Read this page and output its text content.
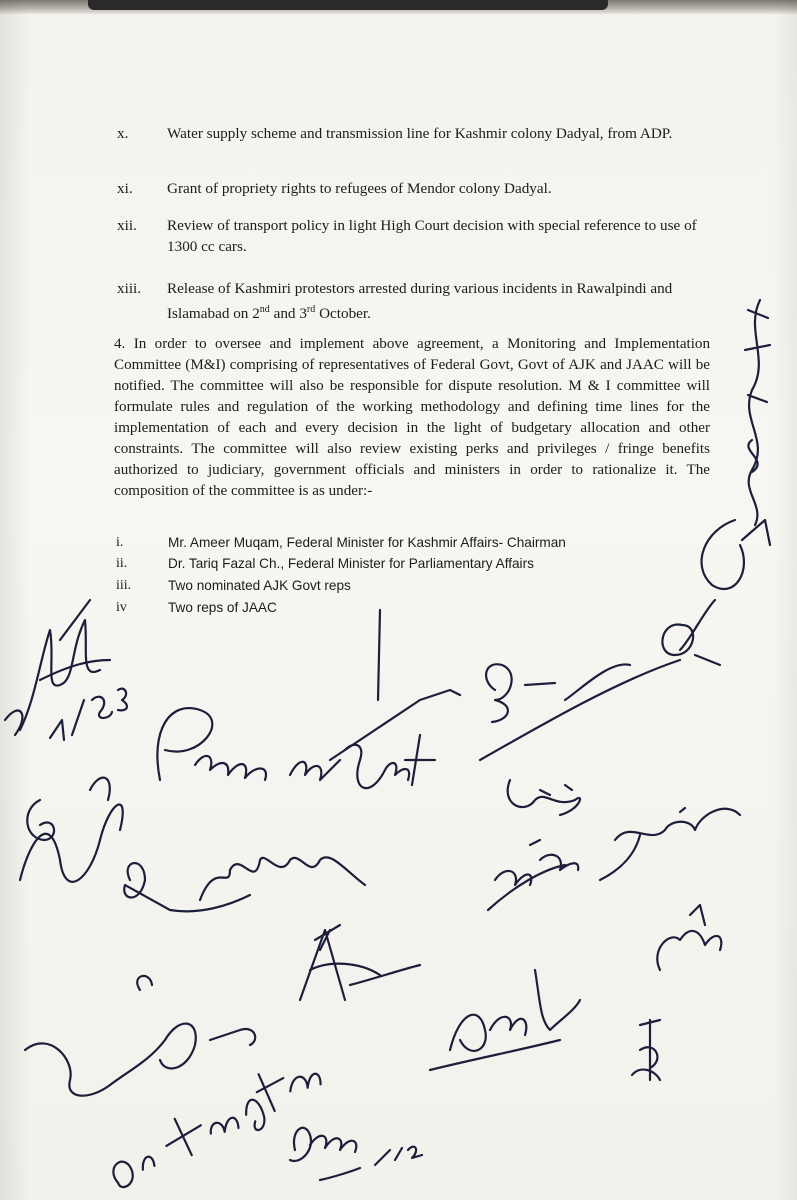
x.	Water supply scheme and transmission line for Kashmir colony Dadyal, from ADP.
xi.	Grant of propriety rights to refugees of Mendor colony Dadyal.
xii.	Review of transport policy in light High Court decision with special reference to use of 1300 cc cars.
xiii.	Release of Kashmiri protestors arrested during various incidents in Rawalpindi and Islamabad on 2nd and 3rd October.
4. In order to oversee and implement above agreement, a Monitoring and Implementation Committee (M&I) comprising of representatives of Federal Govt, Govt of AJK and JAAC will be notified. The committee will also be responsible for dispute resolution. M & I committee will formulate rules and regulation of the working methodology and defining time lines for the implementation of each and every decision in the light of budgetary allocation and other constraints. The committee will also review existing perks and privileges / fringe benefits authorized to judiciary, government officials and ministers in order to rationalize it. The composition of the committee is as under:-
i.	Mr. Ameer Muqam, Federal Minister for Kashmir Affairs- Chairman
ii.	Dr. Tariq Fazal Ch., Federal Minister for Parliamentary Affairs
iii.	Two nominated AJK Govt reps
iv	Two reps of JAAC
